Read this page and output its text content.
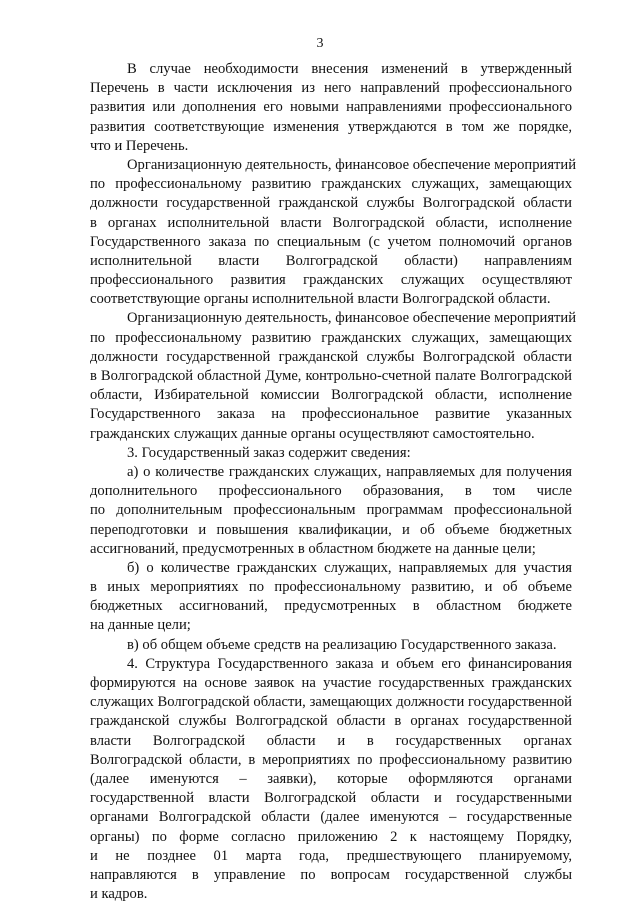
3
В случае необходимости внесения изменений в утвержденный
Перечень в части исключения из него направлений профессионального
развития или дополнения его новыми направлениями профессионального
развития соответствующие изменения утверждаются в том же порядке,
что и Перечень.
Организационную деятельность, финансовое обеспечение мероприятий
по профессиональному развитию гражданских служащих, замещающих
должности государственной гражданской службы Волгоградской области
в органах исполнительной власти Волгоградской области, исполнение
Государственного заказа по специальным (с учетом полномочий органов
исполнительной власти Волгоградской области) направлениям
профессионального развития гражданских служащих осуществляют
соответствующие органы исполнительной власти Волгоградской области.
Организационную деятельность, финансовое обеспечение мероприятий
по профессиональному развитию гражданских служащих, замещающих
должности государственной гражданской службы Волгоградской области
в Волгоградской областной Думе, контрольно-счетной палате Волгоградской
области, Избирательной комиссии Волгоградской области, исполнение
Государственного заказа на профессиональное развитие указанных
гражданских служащих данные органы осуществляют самостоятельно.
3. Государственный заказ содержит сведения:
а) о количестве гражданских служащих, направляемых для получения
дополнительного профессионального образования, в том числе
по дополнительным профессиональным программам профессиональной
переподготовки и повышения квалификации, и об объеме бюджетных
ассигнований, предусмотренных в областном бюджете на данные цели;
б) о количестве гражданских служащих, направляемых для участия
в иных мероприятиях по профессиональному развитию, и об объеме
бюджетных ассигнований, предусмотренных в областном бюджете
на данные цели;
в) об общем объеме средств на реализацию Государственного заказа.
4. Структура Государственного заказа и объем его финансирования
формируются на основе заявок на участие государственных гражданских
служащих Волгоградской области, замещающих должности государственной
гражданской службы Волгоградской области в органах государственной
власти Волгоградской области и в государственных органах
Волгоградской области, в мероприятиях по профессиональному развитию
(далее именуются – заявки), которые оформляются органами
государственной власти Волгоградской области и государственными
органами Волгоградской области (далее именуются – государственные
органы) по форме согласно приложению 2 к настоящему Порядку,
и не позднее 01 марта года, предшествующего планируемому,
направляются в управление по вопросам государственной службы
и кадров.
